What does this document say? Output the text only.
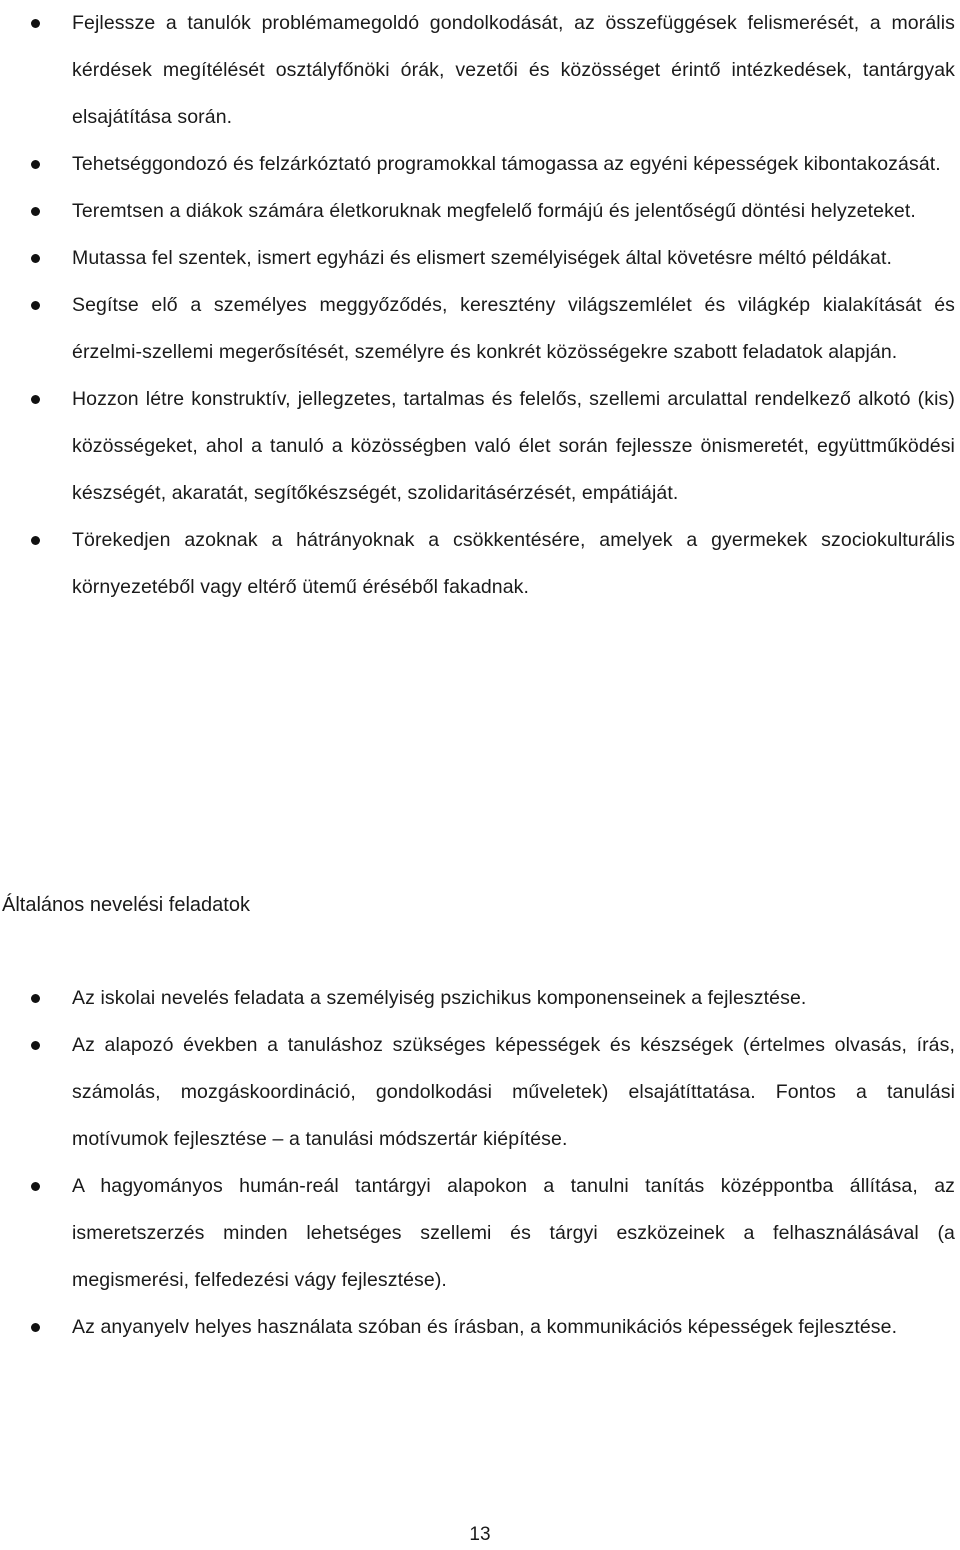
Fejlessze a tanulók problémamegoldó gondolkodását, az összefüggések felismerését, a morális kérdések megítélését osztályfőnöki órák, vezetői és közösséget érintő intézkedések, tantárgyak elsajátítása során.
Tehetséggondozó és felzárkóztató programokkal támogassa az egyéni képességek kibontakozását.
Teremtsen a diákok számára életkoruknak megfelelő formájú és jelentőségű döntési helyzeteket.
Mutassa fel szentek, ismert egyházi és elismert személyiségek által követésre méltó példákat.
Segítse elő a személyes meggyőződés, keresztény világszemlélet és világkép kialakítását és érzelmi-szellemi megerősítését, személyre és konkrét közösségekre szabott feladatok alapján.
Hozzon létre konstruktív, jellegzetes, tartalmas és felelős, szellemi arculattal rendelkező alkotó (kis) közösségeket, ahol a tanuló a közösségben való élet során fejlessze önismeretét, együttműködési készségét, akaratát, segítőkészségét, szolidaritásérzését, empátiáját.
Törekedjen azoknak a hátrányoknak a csökkentésére, amelyek a gyermekek szociokulturális környezetéből vagy eltérő ütemű éréséből fakadnak.
Általános nevelési feladatok
Az iskolai nevelés feladata a személyiség pszichikus komponenseinek a fejlesztése.
Az alapozó években a tanuláshoz szükséges képességek és készségek (értelmes olvasás, írás, számolás, mozgáskoordináció, gondolkodási műveletek) elsajátíttatása. Fontos a tanulási motívumok fejlesztése – a tanulási módszertár kiépítése.
A hagyományos humán-reál tantárgyi alapokon a tanulni tanítás középpontba állítása, az ismeretszerzés minden lehetséges szellemi és tárgyi eszközeinek a felhasználásával (a megismerési, felfedezési vágy fejlesztése).
Az anyanyelv helyes használata szóban és írásban, a kommunikációs képességek fejlesztése.
13
